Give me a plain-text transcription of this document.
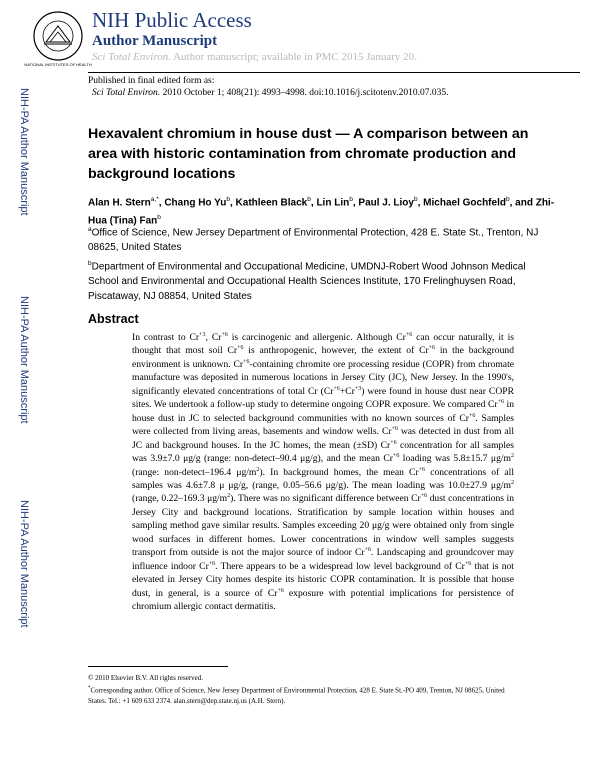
NATIONAL INSTITUTES OF HEALTH
NIH Public Access
Author Manuscript
Sci Total Environ. Author manuscript; available in PMC 2015 January 20.
Published in final edited form as:
Sci Total Environ. 2010 October 1; 408(21): 4993–4998. doi:10.1016/j.scitotenv.2010.07.035.
NIH-PA Author Manuscript
NIH-PA Author Manuscript
NIH-PA Author Manuscript
Hexavalent chromium in house dust — A comparison between an area with historic contamination from chromate production and background locations
Alan H. Stern$^{a,*}$, Chang Ho Yu$^b$, Kathleen Black$^b$, Lin Lin$^b$, Paul J. Lioy$^b$, Michael Gochfeld$^b$, and Zhi-Hua (Tina) Fan$^b$
$^a$Office of Science, New Jersey Department of Environmental Protection, 428 E. State St., Trenton, NJ 08625, United States
$^b$Department of Environmental and Occupational Medicine, UMDNJ-Robert Wood Johnson Medical School and Environmental and Occupational Health Sciences Institute, 170 Frelinghuysen Road, Piscataway, NJ 08854, United States
Abstract
In contrast to $Cr^{+3}$, $Cr^{+6}$ is carcinogenic and allergenic. Although $Cr^{+6}$ can occur naturally, it is thought that most soil $Cr^{+6}$ is anthropogenic, however, the extent of $Cr^{+6}$ in the background environment is unknown. $Cr^{+6}$-containing chromite ore processing residue (COPR) from chromate manufacture was deposited in numerous locations in Jersey City (JC), New Jersey. In the 1990's, significantly elevated concentrations of total Cr $(Cr^{+6}+Cr^{+3})$ were found in house dust near COPR sites. We undertook a follow-up study to determine ongoing COPR exposure. We compared $Cr^{+6}$ in house dust in JC to selected background communities with no known sources of $Cr^{+6}$. Samples were collected from living areas, basements and window wells. $Cr^{+6}$ was detected in dust from all JC and background houses. In the JC homes, the mean (±SD) $Cr^{+6}$ concentration for all samples was 3.9±7.0 μg/g (range: non-detect–90.4 μg/g), and the mean $Cr^{+6}$ loading was 5.8±15.7 $\mu g/m^2$ (range: non-detect–196.4 $\mu g/m^2$). In background homes, the mean $Cr^{+6}$ concentrations of all samples was 4.6±7.8 μ μg/g, (range, 0.05–56.6 μg/g). The mean loading was 10.0±27.9 $\mu g/m^2$ (range, 0.22–169.3 $\mu g/m^2$). There was no significant difference between $Cr^{+6}$ dust concentrations in Jersey City and background locations. Stratification by sample location within houses and sampling method gave similar results. Samples exceeding 20 μg/g were obtained only from single wood surfaces in different homes. Lower concentrations in window well samples suggests transport from outside is not the major source of indoor $Cr^{+6}$. Landscaping and groundcover may influence indoor $Cr^{+6}$. There appears to be a widespread low level background of $Cr^{+6}$ that is not elevated in Jersey City homes despite its historic COPR contamination. It is possible that house dust, in general, is a source of $Cr^{+6}$ exposure with potential implications for persistence of chromium allergic contact dermatitis.
© 2010 Elsevier B.V. All rights reserved.
*Corresponding author. Office of Science, New Jersey Department of Environmental Protection, 428 E. State St.-PO 409, Trenton, NJ 08625, United States. Tel.: +1 609 633 2374. alan.stern@dep.state.nj.us (A.H. Stern).
